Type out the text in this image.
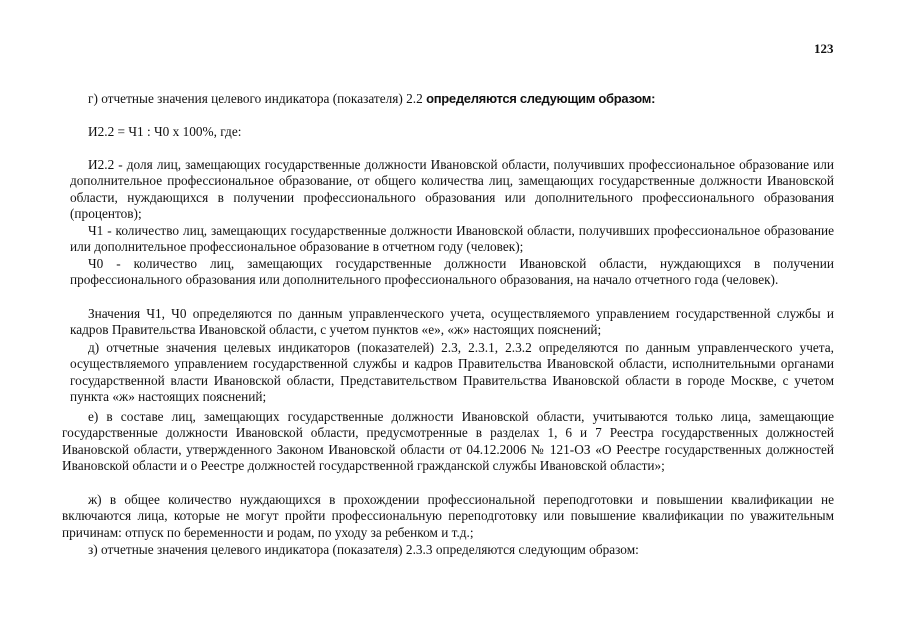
123
г) отчетные значения целевого индикатора (показателя) 2.2 определяются следующим образом:
И2.2 = Ч1 : Ч0 х 100%, где:
И2.2 - доля лиц, замещающих государственные должности Ивановской области, получивших профессиональное образование или дополнительное профессиональное образование, от общего количества лиц, замещающих государственные должности Ивановской области, нуждающихся в получении профессионального образования или дополнительного профессионального образования (процентов);
Ч1 - количество лиц, замещающих государственные должности Ивановской области, получивших профессиональное образование или дополнительное профессиональное образование в отчетном году (человек);
Ч0 - количество лиц, замещающих государственные должности Ивановской области, нуждающихся в получении профессионального образования или дополнительного профессионального образования, на начало отчетного года (человек).
Значения Ч1, Ч0 определяются по данным управленческого учета, осуществляемого управлением государственной службы и кадров Правительства Ивановской области, с учетом пунктов «е», «ж» настоящих пояснений;
д) отчетные значения целевых индикаторов (показателей) 2.3, 2.3.1, 2.3.2 определяются по данным управленческого учета, осуществляемого управлением государственной службы и кадров Правительства Ивановской области, исполнительными органами государственной власти Ивановской области, Представительством Правительства Ивановской области в городе Москве, с учетом пункта «ж» настоящих пояснений;
е) в составе лиц, замещающих государственные должности Ивановской области, учитываются только лица, замещающие государственные должности Ивановской области, предусмотренные в разделах 1, 6 и 7 Реестра государственных должностей Ивановской области, утвержденного Законом Ивановской области от 04.12.2006 № 121-ОЗ «О Реестре государственных должностей Ивановской области и о Реестре должностей государственной гражданской службы Ивановской области»;
ж) в общее количество нуждающихся в прохождении профессиональной переподготовки и повышении квалификации не включаются лица, которые не могут пройти профессиональную переподготовку или повышение квалификации по уважительным причинам: отпуск по беременности и родам, по уходу за ребенком и т.д.;
з) отчетные значения целевого индикатора (показателя) 2.3.3 определяются следующим образом:
